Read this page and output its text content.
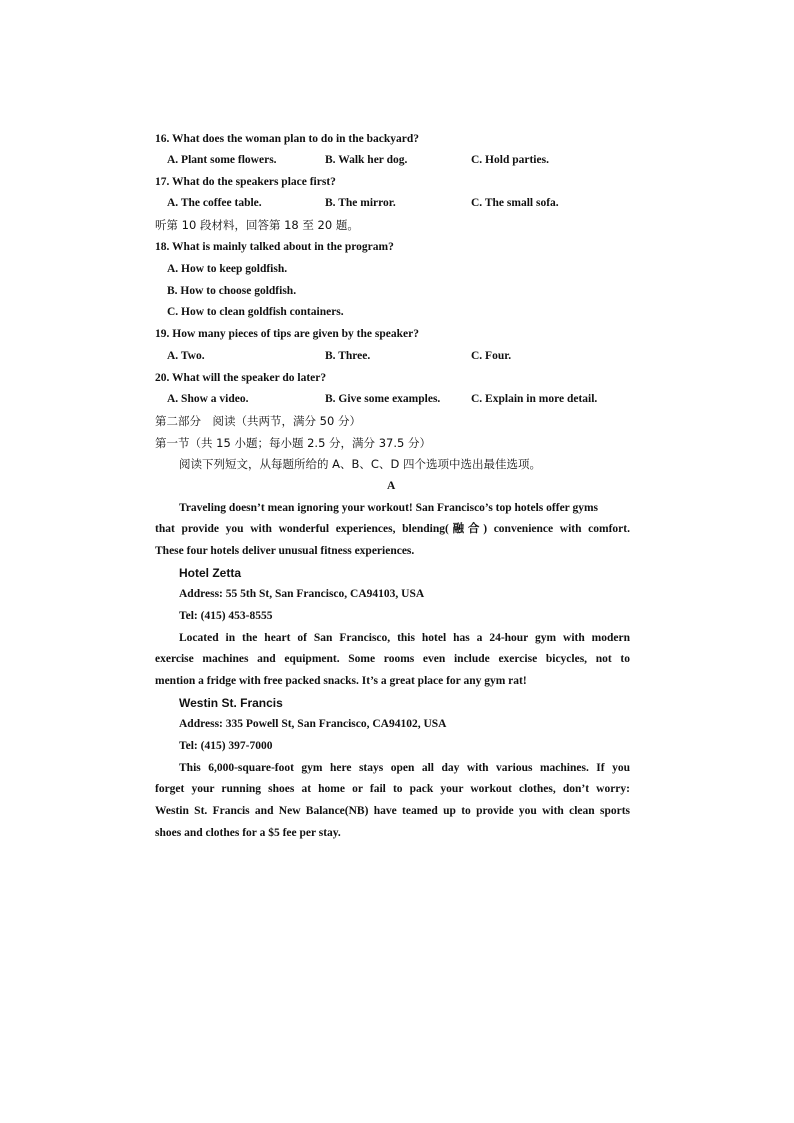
16. What does the woman plan to do in the backyard?
A. Plant some flowers.	B. Walk her dog.	C. Hold parties.
17. What do the speakers place first?
A. The coffee table.	B. The mirror.	C. The small sofa.
听第 10 段材料，回答第 18 至 20 题。
18. What is mainly talked about in the program?
A. How to keep goldfish.
B. How to choose goldfish.
C. How to clean goldfish containers.
19. How many pieces of tips are given by the speaker?
A. Two.	B. Three.	C. Four.
20. What will the speaker do later?
A. Show a video.	B. Give some examples.	C. Explain in more detail.
第二部分　阅读（共两节，满分 50 分）
第一节（共 15 小题；每小题 2.5 分，满分 37.5 分）
阅读下列短文，从每题所给的 A、B、C、D 四个选项中选出最佳选项。
A
Traveling doesn’t mean ignoring your workout! San Francisco’s top hotels offer gyms
that provide you with wonderful experiences, blending(融合) convenience with comfort.
These four hotels deliver unusual fitness experiences.
Hotel Zetta
Address: 55 5th St, San Francisco, CA94103, USA
Tel: (415) 453-8555
Located in the heart of San Francisco, this hotel has a 24-hour gym with modern
exercise machines and equipment. Some rooms even include exercise bicycles, not to
mention a fridge with free packed snacks. It’s a great place for any gym rat!
Westin St. Francis
Address: 335 Powell St, San Francisco, CA94102, USA
Tel: (415) 397-7000
This 6,000-square-foot gym here stays open all day with various machines. If you
forget your running shoes at home or fail to pack your workout clothes, don’t worry:
Westin St. Francis and New Balance(NB) have teamed up to provide you with clean sports
shoes and clothes for a $5 fee per stay.
